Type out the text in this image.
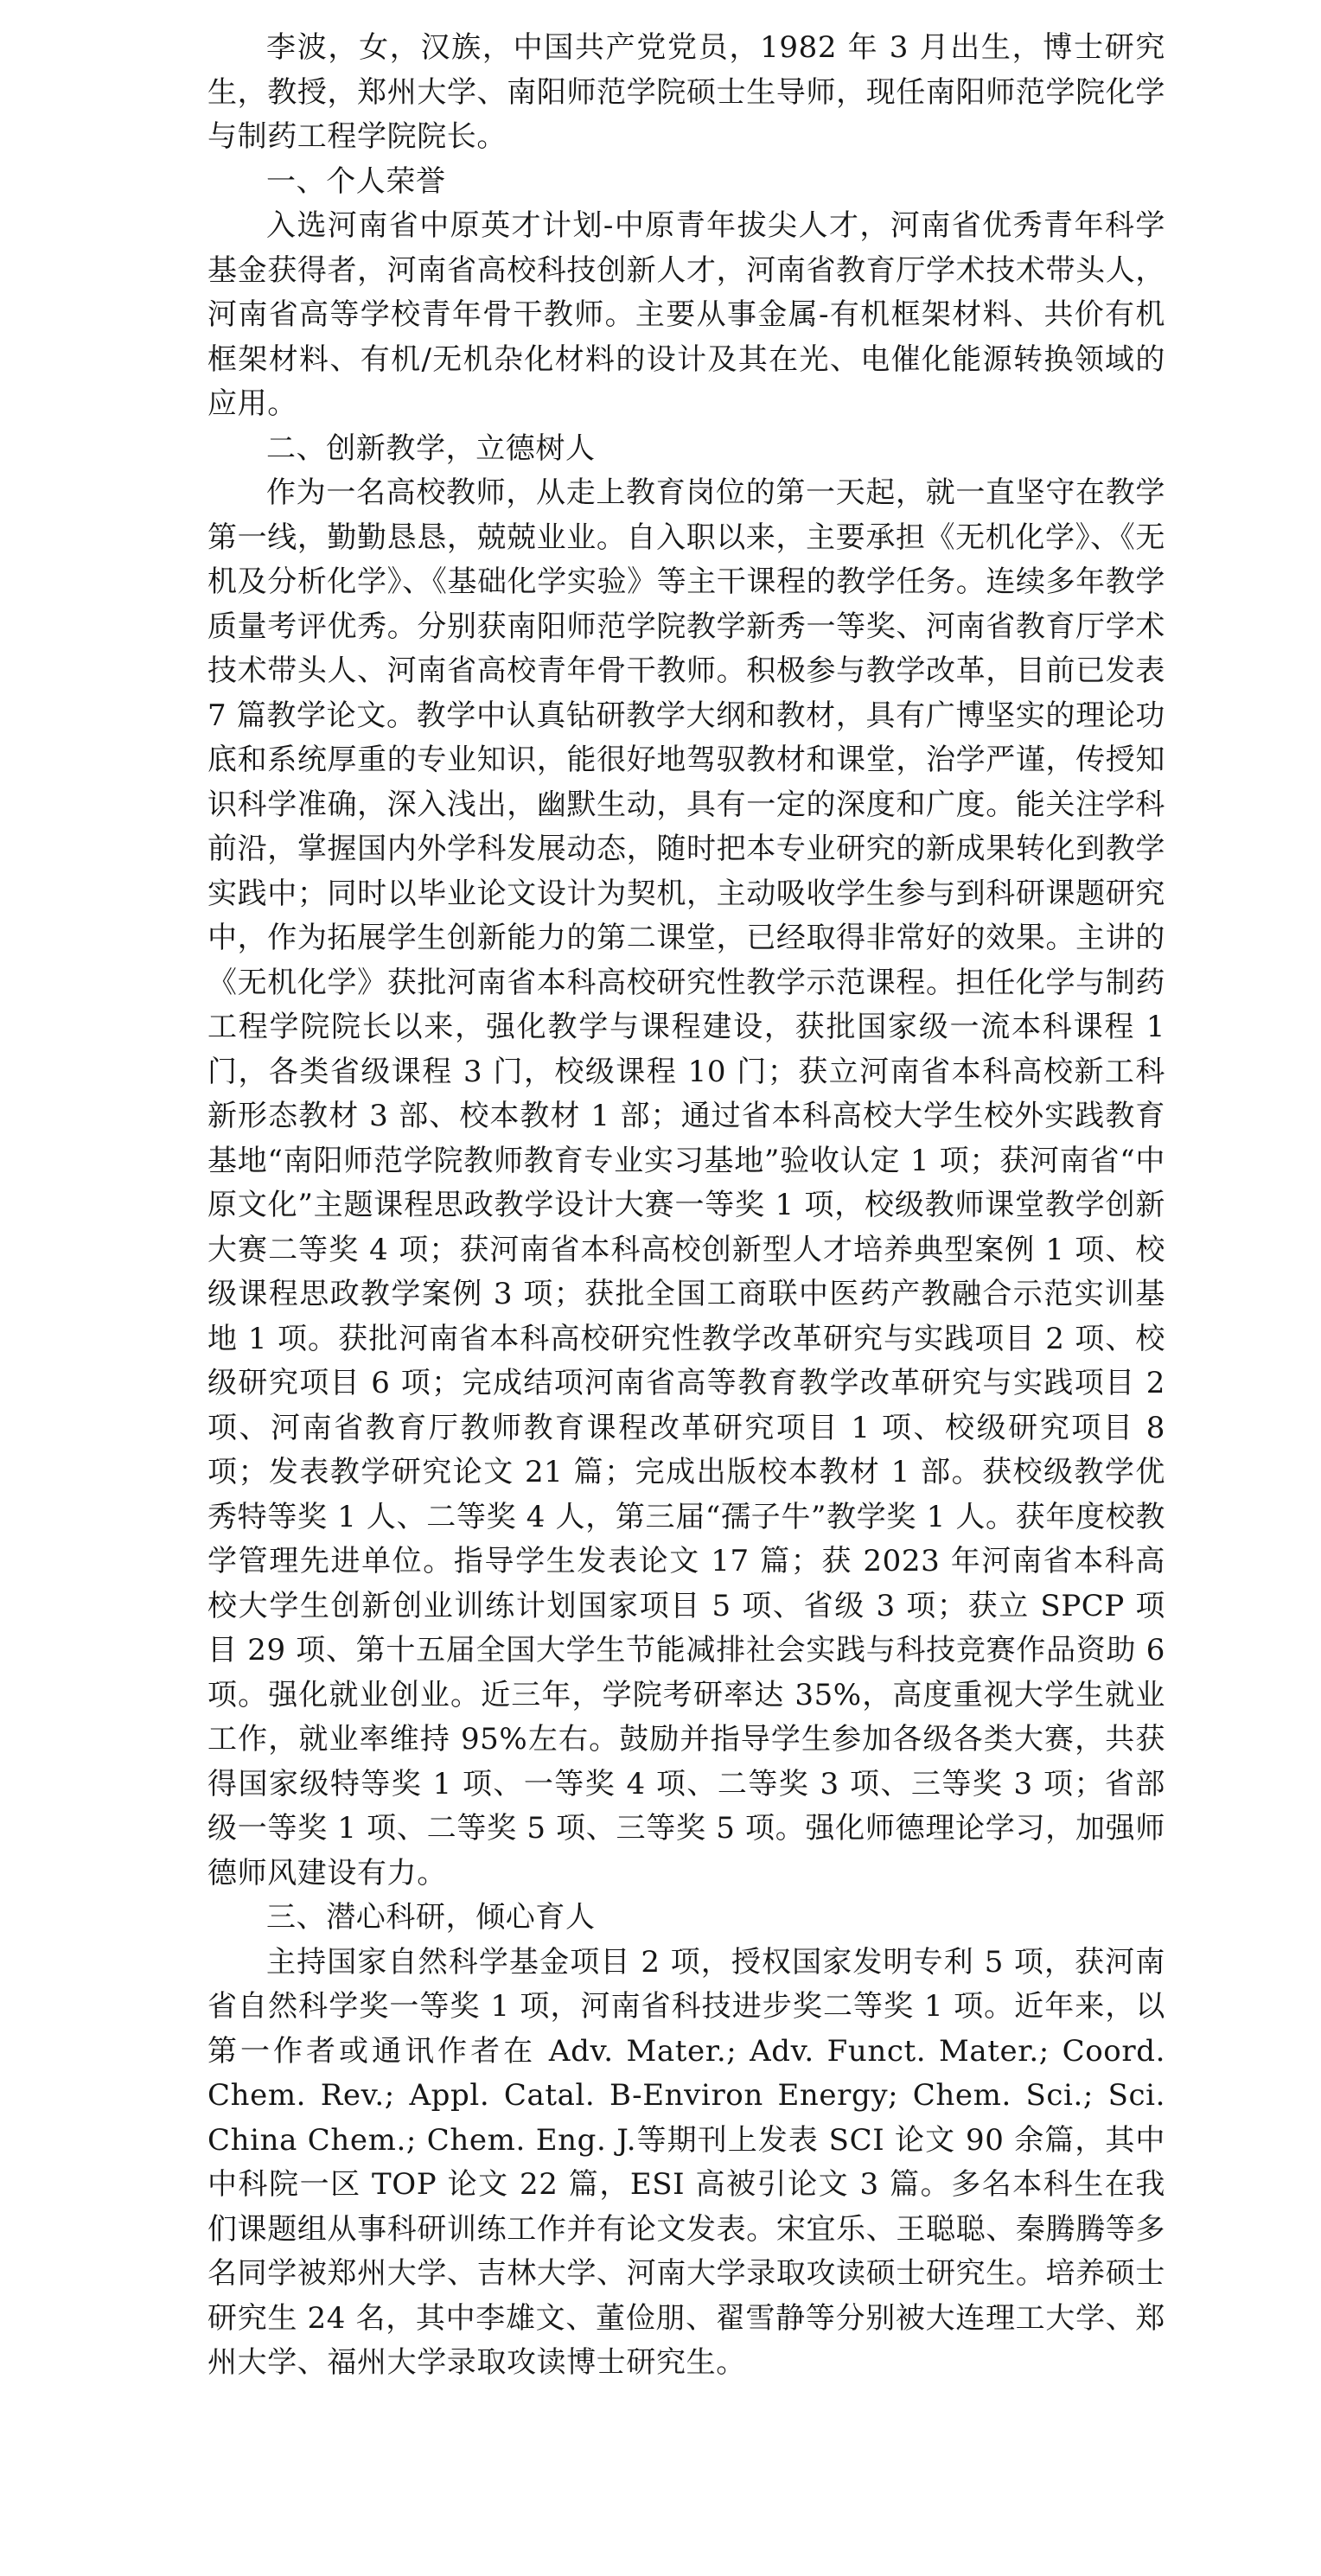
李波，女，汉族，中国共产党党员，1982 年 3 月出生，博士研究生，教授，郑州大学、南阳师范学院硕士生导师，现任南阳师范学院化学与制药工程学院院长。

一、个人荣誉

入选河南省中原英才计划-中原青年拔尖人才，河南省优秀青年科学基金获得者，河南省高校科技创新人才，河南省教育厅学术技术带头人，河南省高等学校青年骨干教师。主要从事金属-有机框架材料、共价有机框架材料、有机/无机杂化材料的设计及其在光、电催化能源转换领域的应用。

二、创新教学，立德树人

作为一名高校教师，从走上教育岗位的第一天起，就一直坚守在教学第一线，勤勤恳恳，兢兢业业。自入职以来，主要承担《无机化学》、《无机及分析化学》、《基础化学实验》等主干课程的教学任务。连续多年教学质量考评优秀。分别获南阳师范学院教学新秀一等奖、河南省教育厅学术技术带头人、河南省高校青年骨干教师。积极参与教学改革，目前已发表 7 篇教学论文。教学中认真钻研教学大纲和教材，具有广博坚实的理论功底和系统厚重的专业知识，能很好地驾驭教材和课堂，治学严谨，传授知识科学准确，深入浅出，幽默生动，具有一定的深度和广度。能关注学科前沿，掌握国内外学科发展动态，随时把本专业研究的新成果转化到教学实践中；同时以毕业论文设计为契机，主动吸收学生参与到科研课题研究中，作为拓展学生创新能力的第二课堂，已经取得非常好的效果。主讲的《无机化学》获批河南省本科高校研究性教学示范课程。担任化学与制药工程学院院长以来，强化教学与课程建设，获批国家级一流本科课程 1 门，各类省级课程 3 门，校级课程 10 门；获立河南省本科高校新工科新形态教材 3 部、校本教材 1 部；通过省本科高校大学生校外实践教育基地“南阳师范学院教师教育专业实习基地”验收认定 1 项；获河南省“中原文化”主题课程思政教学设计大赛一等奖 1 项，校级教师课堂教学创新大赛二等奖 4 项；获河南省本科高校创新型人才培养典型案例 1 项、校级课程思政教学案例 3 项；获批全国工商联中医药产教融合示范实训基地 1 项。获批河南省本科高校研究性教学改革研究与实践项目 2 项、校级研究项目 6 项；完成结项河南省高等教育教学改革研究与实践项目 2 项、河南省教育厅教师教育课程改革研究项目 1 项、校级研究项目 8 项；发表教学研究论文 21 篇；完成出版校本教材 1 部。获校级教学优秀特等奖 1 人、二等奖 4 人，第三届“孺子牛”教学奖 1 人。获年度校教学管理先进单位。指导学生发表论文 17 篇；获 2023 年河南省本科高校大学生创新创业训练计划国家项目 5 项、省级 3 项；获立 SPCP 项目 29 项、第十五届全国大学生节能减排社会实践与科技竞赛作品资助 6 项。强化就业创业。近三年，学院考研率达 35%，高度重视大学生就业工作，就业率维持 95%左右。鼓励并指导学生参加各级各类大赛，共获得国家级特等奖 1 项、一等奖 4 项、二等奖 3 项、三等奖 3 项；省部级一等奖 1 项、二等奖 5 项、三等奖 5 项。强化师德理论学习，加强师德师风建设有力。

三、潜心科研，倾心育人

主持国家自然科学基金项目 2 项，授权国家发明专利 5 项，获河南省自然科学奖一等奖 1 项，河南省科技进步奖二等奖 1 项。近年来，以第一作者或通讯作者在 Adv. Mater.; Adv. Funct. Mater.; Coord. Chem. Rev.; Appl. Catal. B-Environ Energy; Chem. Sci.; Sci. China Chem.; Chem. Eng. J.等期刊上发表 SCI 论文 90 余篇，其中中科院一区 TOP 论文 22 篇，ESI 高被引论文 3 篇。多名本科生在我们课题组从事科研训练工作并有论文发表。宋宜乐、王聪聪、秦腾腾等多名同学被郑州大学、吉林大学、河南大学录取攻读硕士研究生。培养硕士研究生 24 名，其中李雄文、董俭朋、翟雪静等分别被大连理工大学、郑州大学、福州大学录取攻读博士研究生。
